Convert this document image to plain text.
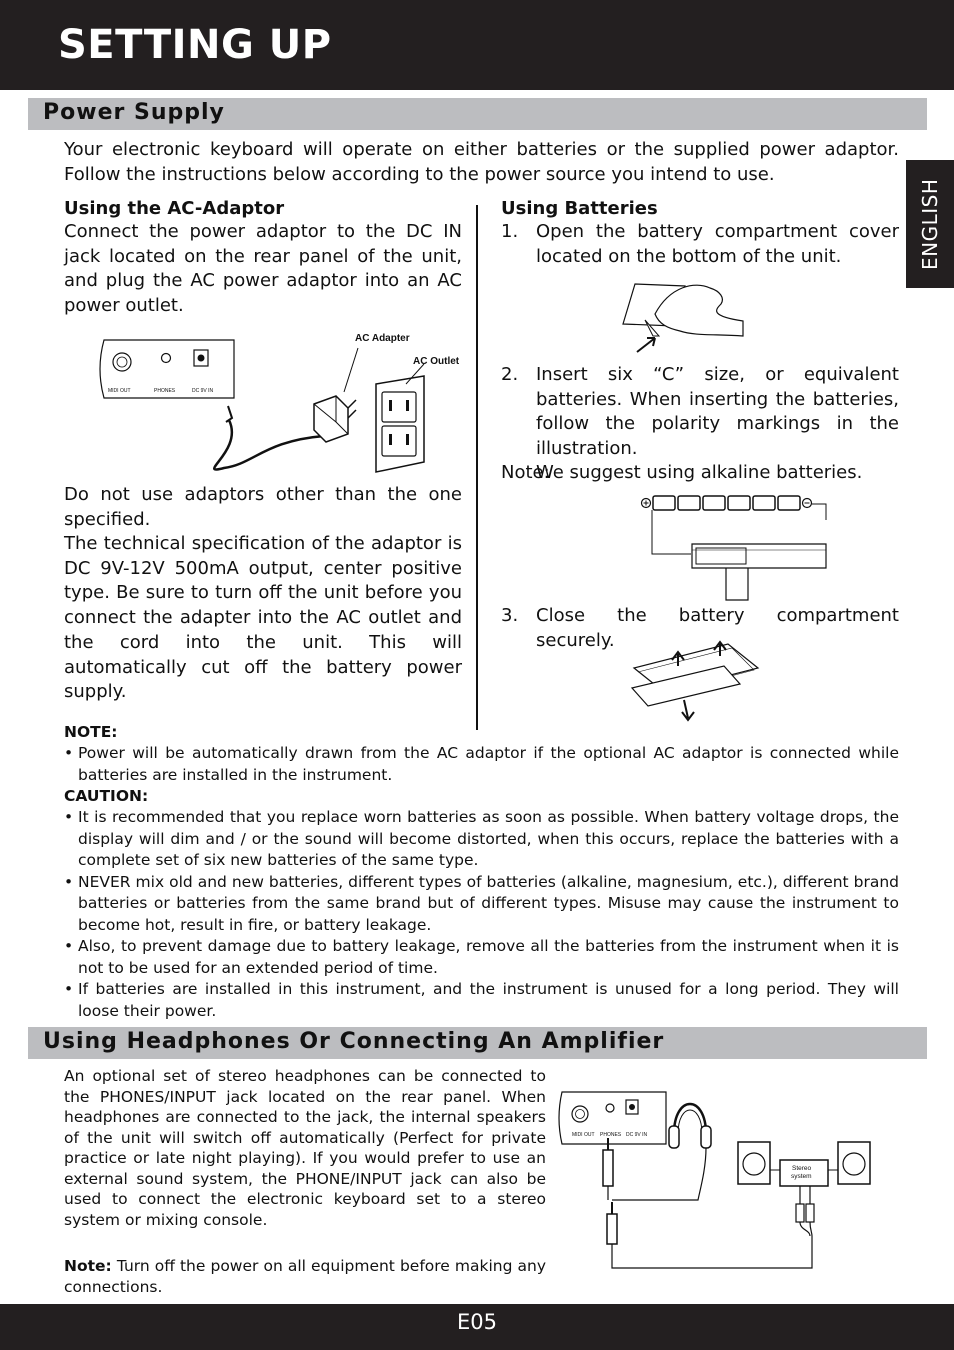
SETTING UP
ENGLISH
Power Supply
Your electronic keyboard will operate on either batteries or the supplied power adaptor. Follow the instructions below according to the power source you intend to use.
Using the AC-Adaptor
Connect the power adaptor to the DC IN jack located on the rear panel of the unit, and plug the AC power adaptor into an AC power outlet.
MIDI OUT	PHONES	DC 9V IN
AC Adapter
AC Outlet
Do not use adaptors other than the one specified.
The technical specification of the adaptor is DC 9V-12V 500mA output, center positive type. Be sure to turn off the unit before you connect the adapter into the AC outlet and the cord into the unit. This will automatically cut off the battery power supply.
Using Batteries
1. Open the battery compartment cover located on the bottom of the unit.
2. Insert six “C” size, or equivalent batteries. When inserting the batteries, follow the polarity markings in the illustration.
Note:
We suggest using alkaline batteries.
3. Close the battery compartment securely.
NOTE:
• Power will be automatically drawn from the AC adaptor if the optional AC adaptor is connected while batteries are installed in the instrument.
CAUTION:
• It is recommended that you replace worn batteries as soon as possible. When battery voltage drops, the display will dim and / or the sound will become distorted, when this occurs, replace the batteries with a complete set of six new batteries of the same type.
• NEVER mix old and new batteries, different types of batteries (alkaline, magnesium, etc.), different brand batteries or batteries from the same brand but of different types. Misuse may cause the instrument to become hot, result in fire, or battery leakage.
• Also, to prevent damage due to battery leakage, remove all the batteries from the instrument when it is not to be used for an extended period of time.
• If batteries are installed in this instrument, and the instrument is unused for a long period. They will loose their power.
Using Headphones Or Connecting An Amplifier
An optional set of stereo headphones can be connected to the PHONES/INPUT jack located on the rear panel. When headphones are connected to the jack, the internal speakers of the unit will switch off automatically (Perfect for private practice or late night playing). If you would prefer to use an external sound system, the PHONE/INPUT jack can also be used to connect the electronic keyboard set to a stereo system or mixing console.
Note: Turn off the power on all equipment before making any connections.
MIDI OUT PHONES DC 9V IN
Stereo
system
E05
